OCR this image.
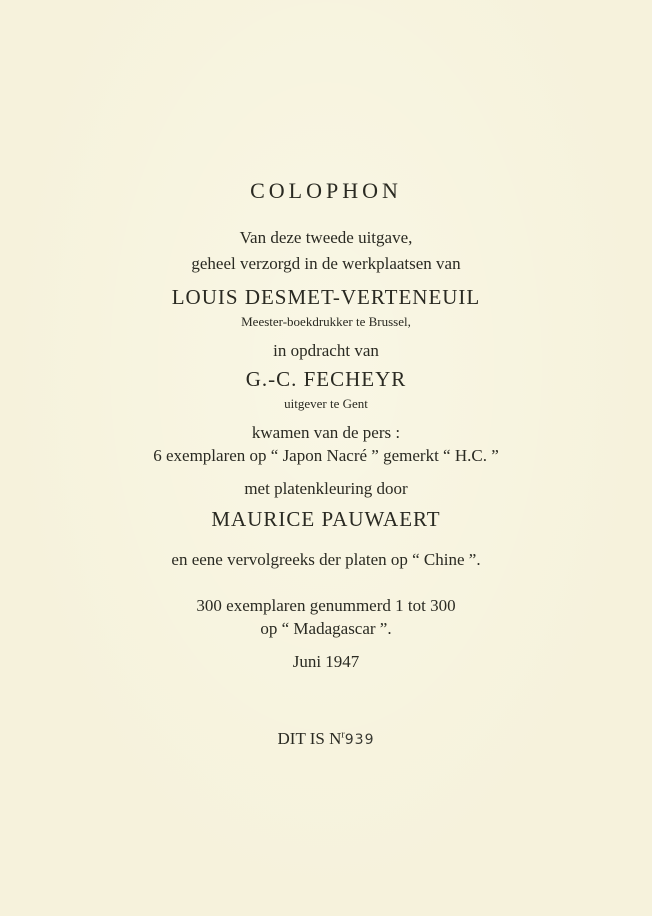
COLOPHON
Van deze tweede uitgave,
geheel verzorgd in de werkplaatsen van
LOUIS DESMET-VERTENEUIL
Meester-boekdrukker te Brussel,
in opdracht van
G.-C. FECHEYR
uitgever te Gent
kwamen van de pers :
6 exemplaren op “ Japon Nacré ” gemerkt “ H.C. ”
met platenkleuring door
MAURICE PAUWAERT
en eene vervolgreeks der platen op “ Chine ”.
300 exemplaren genummerd 1 tot 300
op “ Madagascar ”.
Juni 1947
DIT IS $N^r939$
